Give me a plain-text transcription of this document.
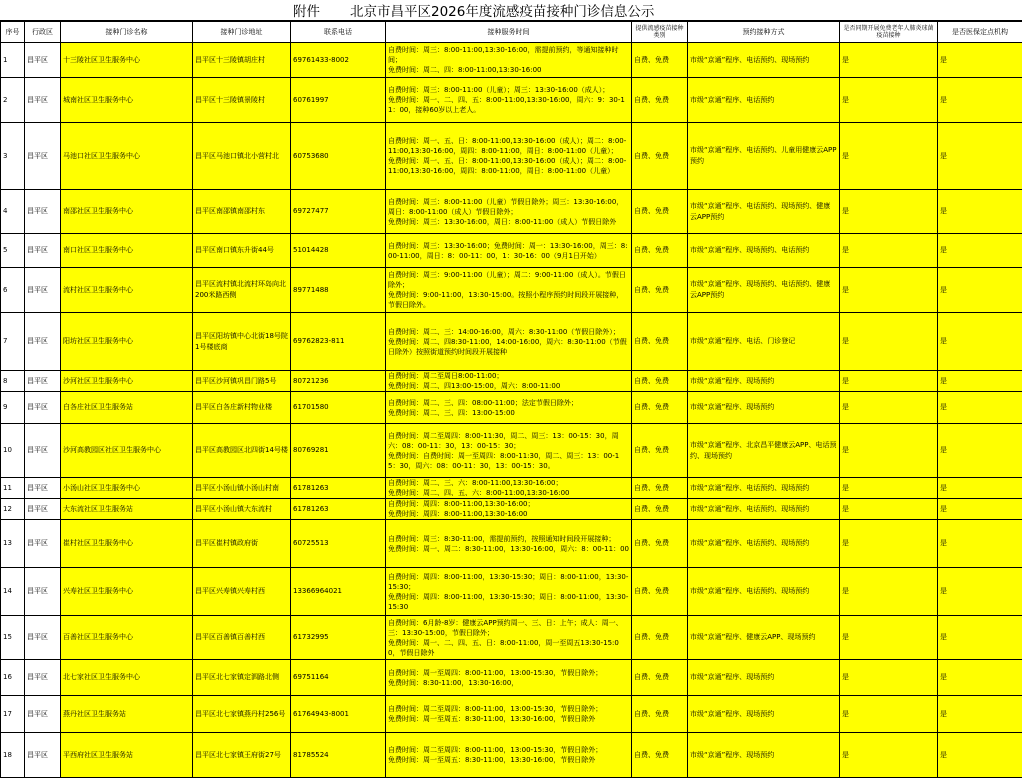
附件	北京市昌平区2026年度流感疫苗接种门诊信息公示
序号	行政区	接种门诊名称	接种门诊地址	联系电话	接种服务时间	提供流感疫苗接种类别	预约接种方式	是否同期开展免费老年人肺炎球菌疫苗接种	是否医保定点机构
1	昌平区	十三陵社区卫生服务中心	昌平区十三陵镇胡庄村	69761433-8002	自费时间：周三：8:00-11:00,13:30-16:00，需提前预约，等通知接种时间；
免费时间：周二、四：8:00-11:00,13:30-16:00	自费、免费	市级“京通”程序、电话预约、现场预约	是	是
2	昌平区	城南社区卫生服务中心	昌平区十三陵镇景陵村	60761997	自费时间：周三：8:00-11:00（儿童）；周三：13:30-16:00（成人）；
免费时间：周一、二、四、五：8:00-11:00,13:30-16:00，周六：9：30-11：00，接种60岁以上老人。	自费、免费	市级“京通”程序、电话预约	是	是
3	昌平区	马池口社区卫生服务中心	昌平区马池口镇北小营村北	60753680	自费时间：周一、五、日：8:00-11:00,13:30-16:00（成人）；周二：8:00-11:00,13:30-16:00，周四：8:00-11:00，周日：8:00-11:00（儿童）；
免费时间：周一、五、日：8:00-11:00,13:30-16:00（成人）；周二：8:00-11:00,13:30-16:00，周四：8:00-11:00，周日：8:00-11:00（儿童）	自费、免费	市级“京通”程序、电话预约、儿童用健康云APP预约	是	是
4	昌平区	南邵社区卫生服务中心	昌平区南邵镇南邵村东	69727477	自费时间：周三：8:00-11:00（儿童）节假日除外；周三：13:30-16:00，周日：8:00-11:00（成人）节假日除外；
免费时间：周三：13:30-16:00，周日：8:00-11:00（成人）节假日除外	自费、免费	市级“京通”程序、电话预约、现场预约、健康云APP预约	是	是
5	昌平区	南口社区卫生服务中心	昌平区南口镇东升街44号	51014428	自费时间：周三：13:30-16:00；免费时间：周一：13:30-16:00，周三：8:00-11:00，周日：8：00-11：00，1：30-16：00（9月1日开始）	自费、免费	市级“京通”程序、现场预约、电话预约	是	是
6	昌平区	流村社区卫生服务中心	昌平区流村镇北流村环岛向北200米路西侧	89771488	自费时间：周三：9:00-11:00（儿童）；周二：9:00-11:00（成人）。节假日除外；
免费时间：9:00-11:00，13:30-15:00。按照小程序预约时间段开展接种，节假日除外。	自费、免费	市级“京通”程序、现场预约、电话预约、健康云APP预约	是	是
7	昌平区	阳坊社区卫生服务中心	昌平区阳坊镇中心北街18号院1号楼底商	69762823-811	自费时间：周二、三：14:00-16:00，周六：8:30-11:00（节假日除外）；
免费时间：周二、四8:30-11:00，14:00-16:00，周六：8:30-11:00（节假日除外）按照街道预约时间段开展接种	自费、免费	市级“京通”程序、电话、门诊登记	是	是
8	昌平区	沙河社区卫生服务中心	昌平区沙河镇巩昌门路5号	80721236	自费时间：周二至周日8:00-11:00；
免费时间：周二、四13:00-15:00，周六：8:00-11:00	自费、免费	市级“京通”程序、现场预约	是	是
9	昌平区	白各庄社区卫生服务站	昌平区白各庄新村物业楼	61701580	自费时间：周二、三、四：08:00-11:00；法定节假日除外；
免费时间：周二、三、四：13:00-15:00	自费、免费	市级“京通”程序、现场预约	是	是
10	昌平区	沙河高教园区社区卫生服务中心	昌平区高教园区北四街14号楼	80769281	自费时间：周二至周四：8:00-11:30，周二、周三：13：00-15：30，周六：08：00-11：30，13：00-15：30；
免费时间：自费时间：周一至周四：8:00-11:30，周二、周三：13：00-15：30，周六：08：00-11：30，13：00-15：30。	自费、免费	市级“京通”程序、北京昌平健康云APP、电话预约、现场预约	是	是
11	昌平区	小汤山社区卫生服务中心	昌平区小汤山镇小汤山村南	61781263	自费时间：周二、三、六：8:00-11:00,13:30-16:00；
免费时间：周二、四、五、六：8:00-11:00,13:30-16:00	自费、免费	市级“京通”程序、电话预约、现场预约	是	是
12	昌平区	大东流社区卫生服务站	昌平区小汤山镇大东流村	61781263	自费时间：周四：8:00-11:00,13:30-16:00；
免费时间：周四：8:00-11:00,13:30-16:00	自费、免费	市级“京通”程序、电话预约、现场预约	是	是
13	昌平区	崔村社区卫生服务中心	昌平区崔村镇政府街	60725513	自费时间：周三：8:30-11:00，需提前预约，按照通知时间段开展接种；
免费时间：周一、周二：8:30-11:00，13:30-16:00，周六：8：00-11：00	自费、免费	市级“京通”程序、电话预约、现场预约	是	是
14	昌平区	兴寿社区卫生服务中心	昌平区兴寿镇兴寿村西	13366964021	自费时间：周四：8:00-11:00，13:30-15:30；周日：8:00-11:00，13:30-15:30；
免费时间：周四：8:00-11:00，13:30-15:30；周日：8:00-11:00，13:30-15:30	自费、免费	市级“京通”程序、电话预约、现场预约	是	是
15	昌平区	百善社区卫生服务中心	昌平区百善镇百善村西	61732995	自费时间：6月龄-8岁：健康云APP预约周一、三、日：上午；成人：周一、三：13:30-15:00，节假日除外；
免费时间：周一、二、四、五、日：8:00-11:00，周一至周五13:30-15:00，节假日除外	自费、免费	市级“京通”程序、健康云APP、现场预约	是	是
16	昌平区	北七家社区卫生服务中心	昌平区北七家镇定泗路北侧	69751164	自费时间：周一至周四：8:00-11:00，13:00-15:30，节假日除外；
免费时间：8:30-11:00，13:30-16:00，	自费、免费	市级“京通”程序、现场预约	是	是
17	昌平区	燕丹社区卫生服务站	昌平区北七家镇燕丹村256号	61764943-8001	自费时间：周二至周四：8:00-11:00，13:00-15:30，节假日除外；
免费时间：周一至周五：8:30-11:00，13:30-16:00，节假日除外	自费、免费	市级“京通”程序、现场预约	是	是
18	昌平区	平西府社区卫生服务站	昌平区北七家镇王府街27号	81785524	自费时间：周二至周四：8:00-11:00，13:00-15:30，节假日除外；
免费时间：周一至周五：8:30-11:00，13:30-16:00，节假日除外	自费、免费	市级“京通”程序、现场预约	是	是
